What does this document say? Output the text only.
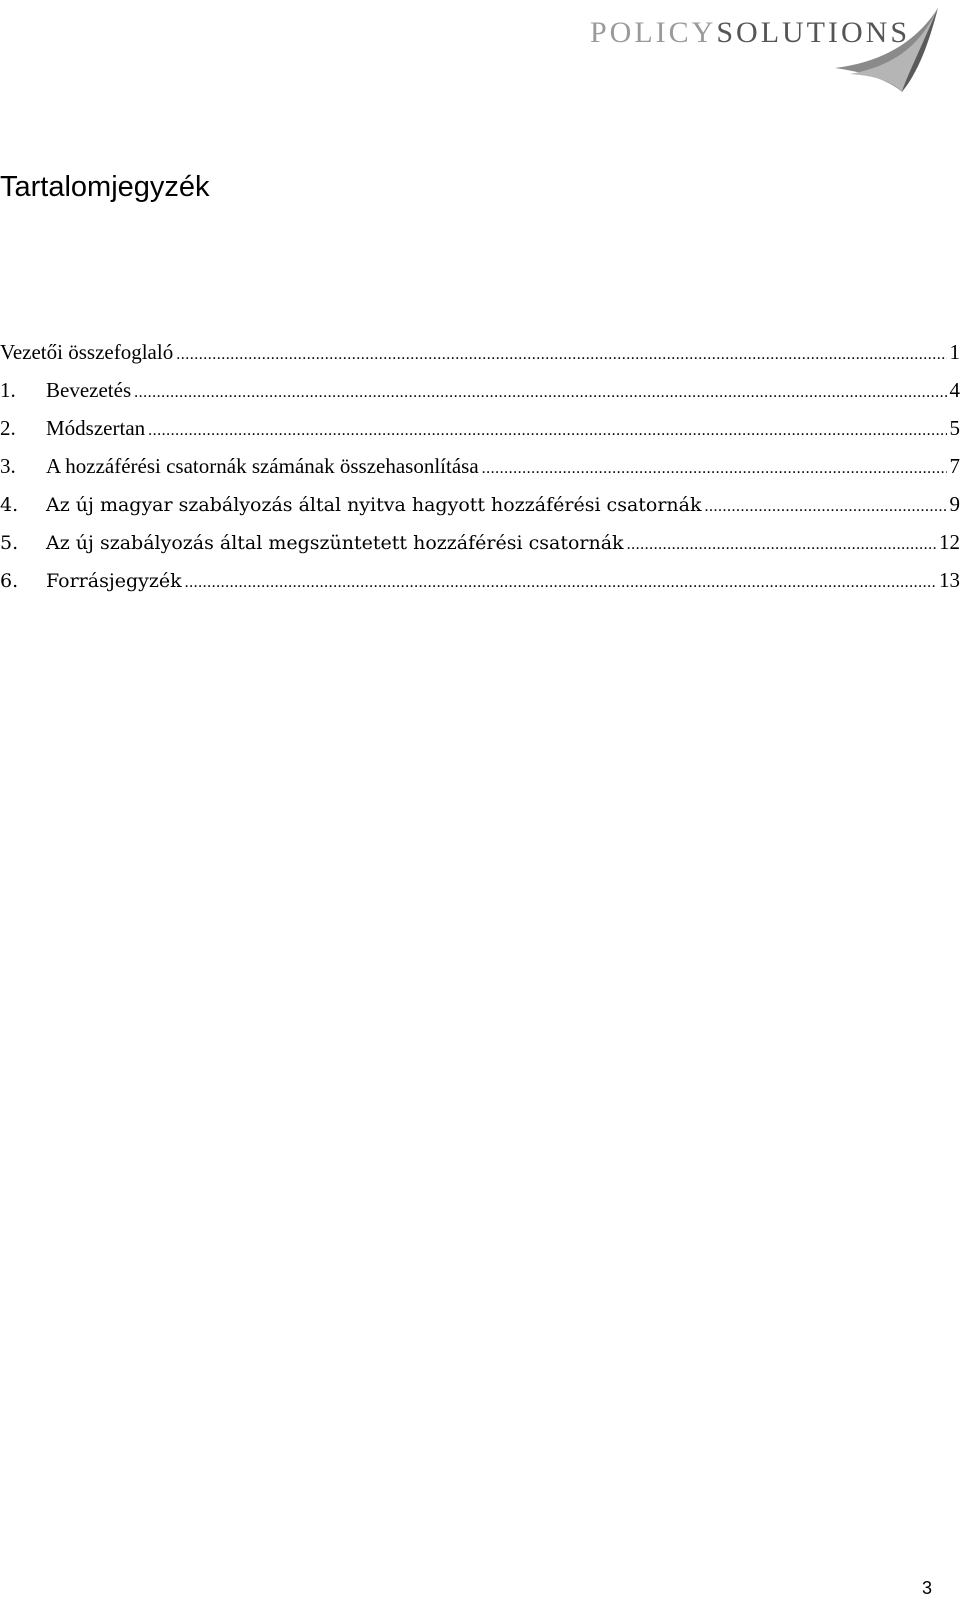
POLICYSOLUTIONS
Tartalomjegyzék
Vezetői összefoglaló .....	1
1.	Bevezetés .....	4
2.	Módszertan .....	5
3.	A hozzáférési csatornák számának összehasonlítása .....	7
4.	Az új magyar szabályozás által nyitva hagyott hozzáférési csatornák .....	9
5.	Az új szabályozás által megszüntetett hozzáférési csatornák .....	12
6.	Forrásjegyzék .....	13
3
